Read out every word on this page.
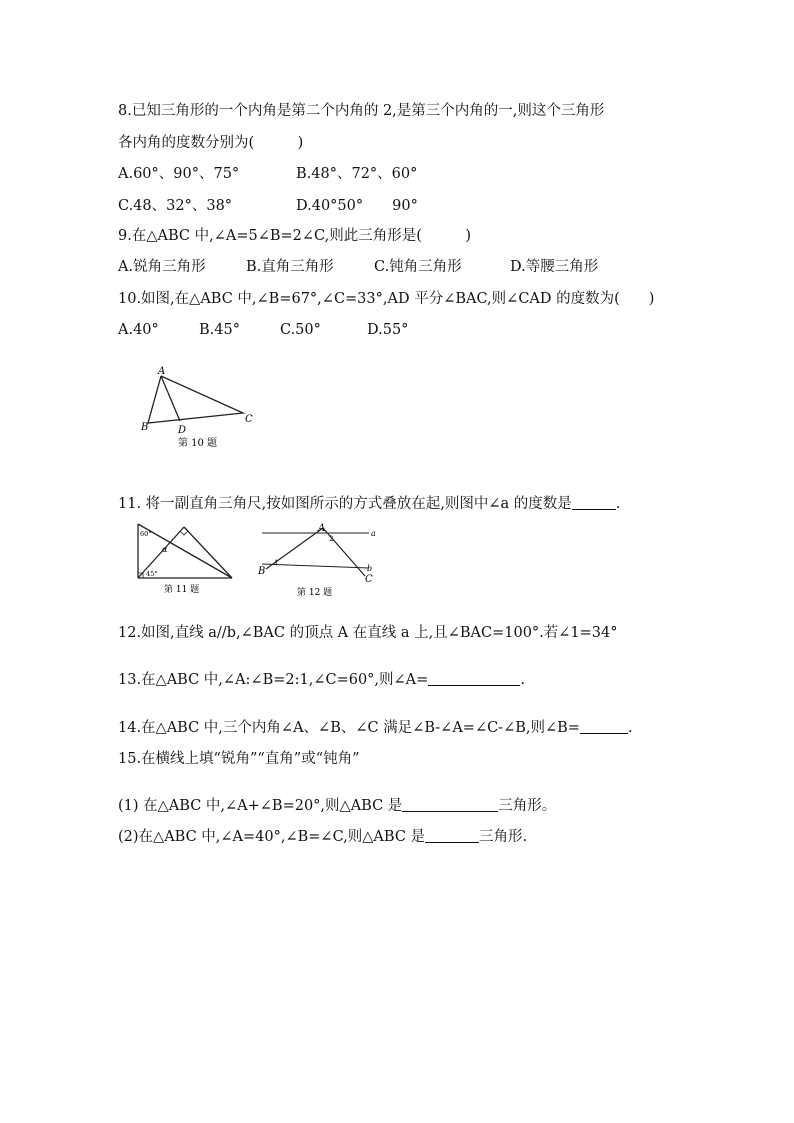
8.已知三角形的一个内角是第二个内角的 2,是第三个内角的一,则这个三角形
各内角的度数分别为(　　　)
A.60°、90°、75°	B.48°、72°、60°
C.48、32°、38°	D.40°50°　　90°
9.在△ABC 中,∠A=5∠B=2∠C,则此三角形是(　　　)
A.锐角三角形	B.直角三角形	C.钝角三角形	D.等腰三角形
10.如图,在△ABC 中,∠B=67°,∠C=33°,AD 平分∠BAC,则∠CAD 的度数为(　　)
A.40°	B.45°	C.50°	D.55°
A
B
C
D
第 10 题
11. 将一副直角三角尺,按如图所示的方式叠放在起,则图中∠a 的度数是	.
60°
α
45°
第 11 题
A	a
2
B
1
b
C
第 12 题
12.如图,直线 a//b,∠BAC 的顶点 A 在直线 a 上,且∠BAC=100°.若∠1=34°
13.在△ABC 中,∠A:∠B=2:1,∠C=60°,则∠A=	.
14.在△ABC 中,三个内角∠A、∠B、∠C 满足∠B-∠A=∠C-∠B,则∠B=	.
15.在横线上填“锐角”“直角”或“钝角”
(1) 在△ABC 中,∠A+∠B=20°,则△ABC 是	三角形。
(2)在△ABC 中,∠A=40°,∠B=∠C,则△ABC 是	三角形.
